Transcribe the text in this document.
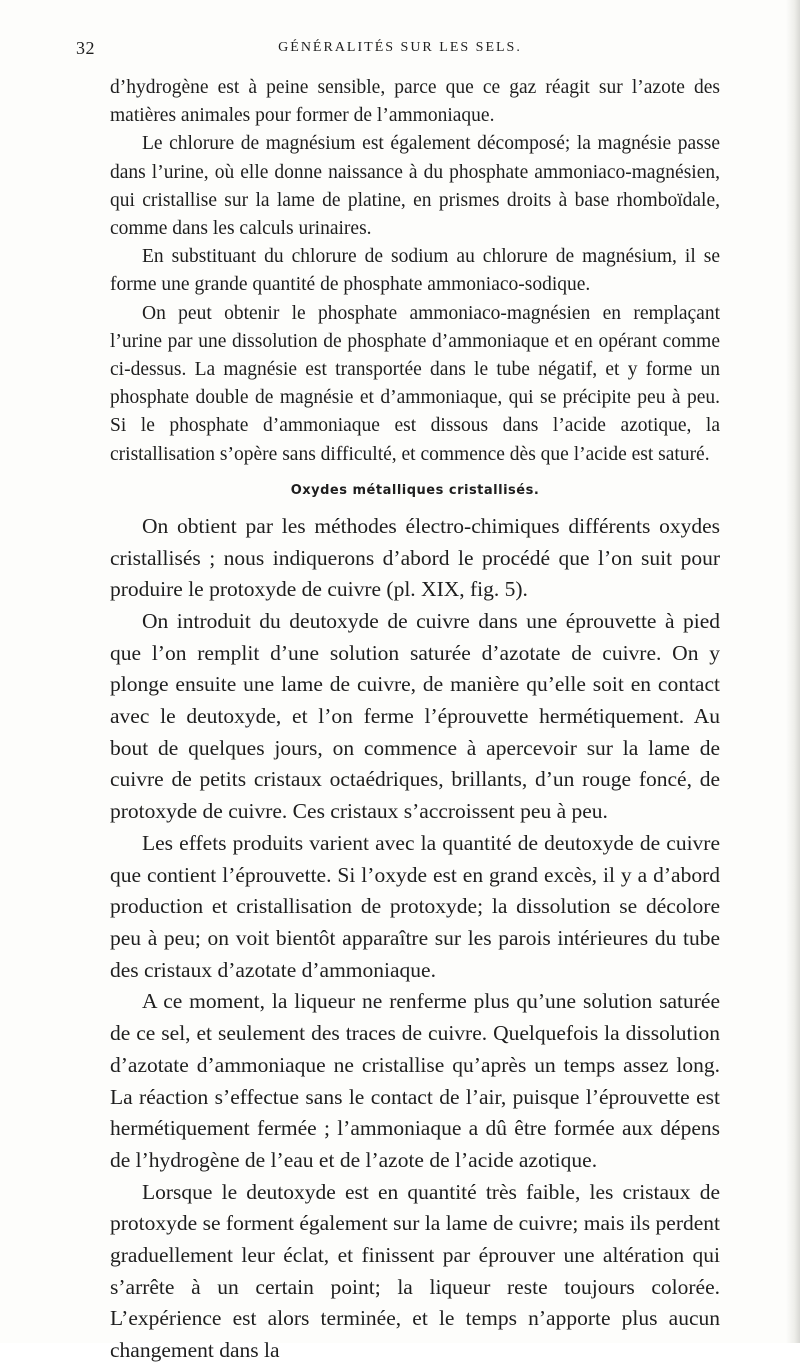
32	GÉNÉRALITÉS SUR LES SELS.

d’hydrogène est à peine sensible, parce que ce gaz réagit sur l’azote des matières animales pour former de l’ammoniaque.

Le chlorure de magnésium est également décomposé; la magnésie passe dans l’urine, où elle donne naissance à du phosphate ammoniaco-magnésien, qui cristallise sur la lame de platine, en prismes droits à base rhomboïdale, comme dans les calculs urinaires.

En substituant du chlorure de sodium au chlorure de magnésium, il se forme une grande quantité de phosphate ammoniaco-sodique.

On peut obtenir le phosphate ammoniaco-magnésien en remplaçant l’urine par une dissolution de phosphate d’ammoniaque et en opérant comme ci-dessus. La magnésie est transportée dans le tube négatif, et y forme un phosphate double de magnésie et d’ammoniaque, qui se précipite peu à peu. Si le phosphate d’ammoniaque est dissous dans l’acide azotique, la cristallisation s’opère sans difficulté, et commence dès que l’acide est saturé.

Oxydes métalliques cristallisés.

On obtient par les méthodes électro-chimiques différents oxydes cristallisés ; nous indiquerons d’abord le procédé que l’on suit pour produire le protoxyde de cuivre (pl. XIX, fig. 5).

On introduit du deutoxyde de cuivre dans une éprouvette à pied que l’on remplit d’une solution saturée d’azotate de cuivre. On y plonge ensuite une lame de cuivre, de manière qu’elle soit en contact avec le deutoxyde, et l’on ferme l’éprouvette hermétiquement. Au bout de quelques jours, on commence à apercevoir sur la lame de cuivre de petits cristaux octaédriques, brillants, d’un rouge foncé, de protoxyde de cuivre. Ces cristaux s’accroissent peu à peu.

Les effets produits varient avec la quantité de deutoxyde de cuivre que contient l’éprouvette. Si l’oxyde est en grand excès, il y a d’abord production et cristallisation de protoxyde; la dissolution se décolore peu à peu; on voit bientôt apparaître sur les parois intérieures du tube des cristaux d’azotate d’ammoniaque.

A ce moment, la liqueur ne renferme plus qu’une solution saturée de ce sel, et seulement des traces de cuivre. Quelquefois la dissolution d’azotate d’ammoniaque ne cristallise qu’après un temps assez long. La réaction s’effectue sans le contact de l’air, puisque l’éprouvette est hermétiquement fermée ; l’ammoniaque a dû être formée aux dépens de l’hydrogène de l’eau et de l’azote de l’acide azotique.

Lorsque le deutoxyde est en quantité très faible, les cristaux de protoxyde se forment également sur la lame de cuivre; mais ils perdent graduellement leur éclat, et finissent par éprouver une altération qui s’arrête à un certain point; la liqueur reste toujours colorée. L’expérience est alors terminée, et le temps n’apporte plus aucun changement dans la
